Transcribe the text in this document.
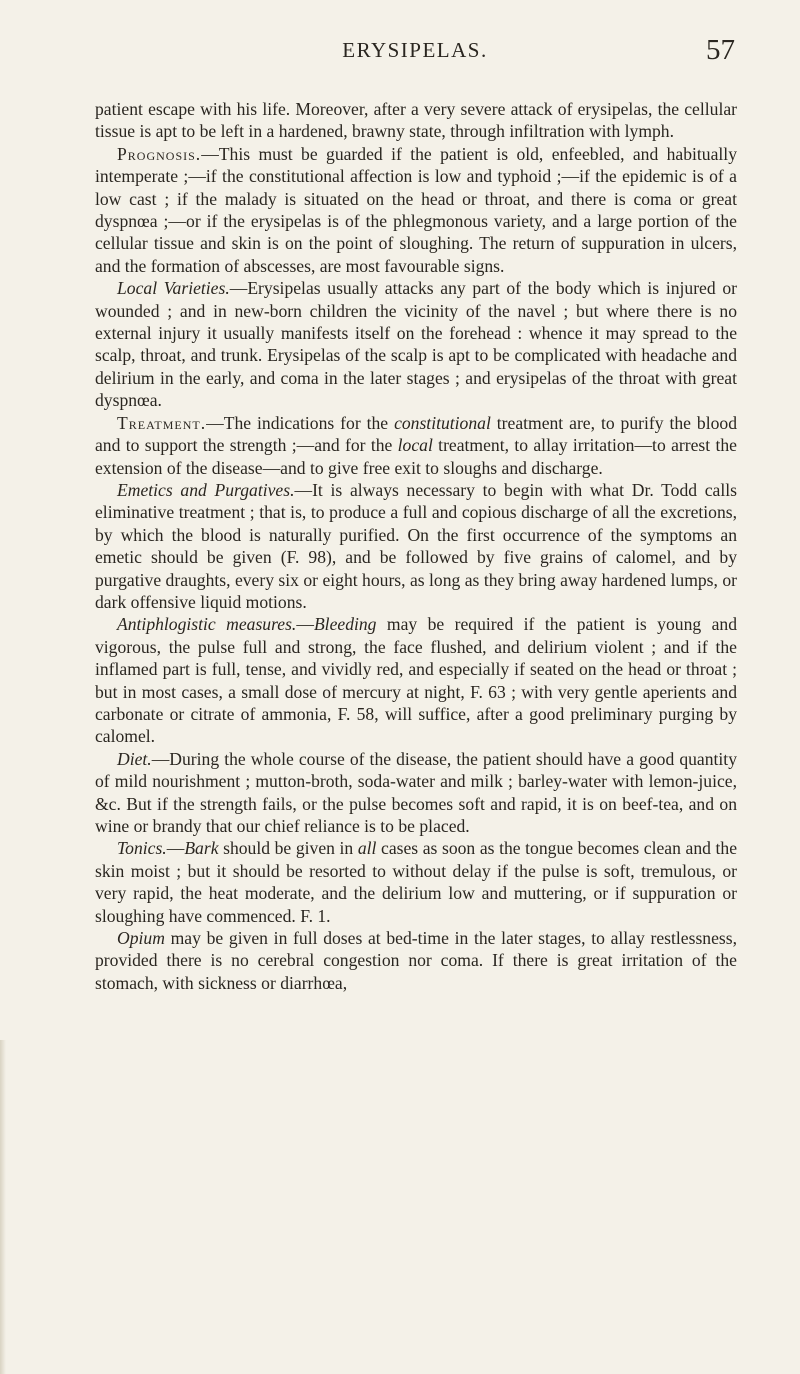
ERYSIPELAS.	57

patient escape with his life. Moreover, after a very severe attack of erysipelas, the cellular tissue is apt to be left in a hardened, brawny state, through infiltration with lymph.

Prognosis.—This must be guarded if the patient is old, enfeebled, and habitually intemperate ;—if the constitutional affection is low and typhoid ;—if the epidemic is of a low cast ; if the malady is situated on the head or throat, and there is coma or great dyspnœa ;—or if the erysipelas is of the phlegmonous variety, and a large portion of the cellular tissue and skin is on the point of sloughing. The return of suppuration in ulcers, and the formation of abscesses, are most favourable signs.

Local Varieties.—Erysipelas usually attacks any part of the body which is injured or wounded ; and in new-born children the vicinity of the navel ; but where there is no external injury it usually manifests itself on the forehead : whence it may spread to the scalp, throat, and trunk. Erysipelas of the scalp is apt to be complicated with headache and delirium in the early, and coma in the later stages ; and erysipelas of the throat with great dyspnœa.

Treatment.—The indications for the constitutional treatment are, to purify the blood and to support the strength ;—and for the local treatment, to allay irritation—to arrest the extension of the disease—and to give free exit to sloughs and discharge.

Emetics and Purgatives.—It is always necessary to begin with what Dr. Todd calls eliminative treatment ; that is, to produce a full and copious discharge of all the excretions, by which the blood is naturally purified. On the first occurrence of the symptoms an emetic should be given (F. 98), and be followed by five grains of calomel, and by purgative draughts, every six or eight hours, as long as they bring away hardened lumps, or dark offensive liquid motions.

Antiphlogistic measures.—Bleeding may be required if the patient is young and vigorous, the pulse full and strong, the face flushed, and delirium violent ; and if the inflamed part is full, tense, and vividly red, and especially if seated on the head or throat ; but in most cases, a small dose of mercury at night, F. 63 ; with very gentle aperients and carbonate or citrate of ammonia, F. 58, will suffice, after a good preliminary purging by calomel.

Diet.—During the whole course of the disease, the patient should have a good quantity of mild nourishment ; mutton-broth, soda-water and milk ; barley-water with lemon-juice, &c. But if the strength fails, or the pulse becomes soft and rapid, it is on beef-tea, and on wine or brandy that our chief reliance is to be placed.

Tonics.—Bark should be given in all cases as soon as the tongue becomes clean and the skin moist ; but it should be resorted to without delay if the pulse is soft, tremulous, or very rapid, the heat moderate, and the delirium low and muttering, or if suppuration or sloughing have commenced. F. 1.

Opium may be given in full doses at bed-time in the later stages, to allay restlessness, provided there is no cerebral congestion nor coma. If there is great irritation of the stomach, with sickness or diarrhœa,
